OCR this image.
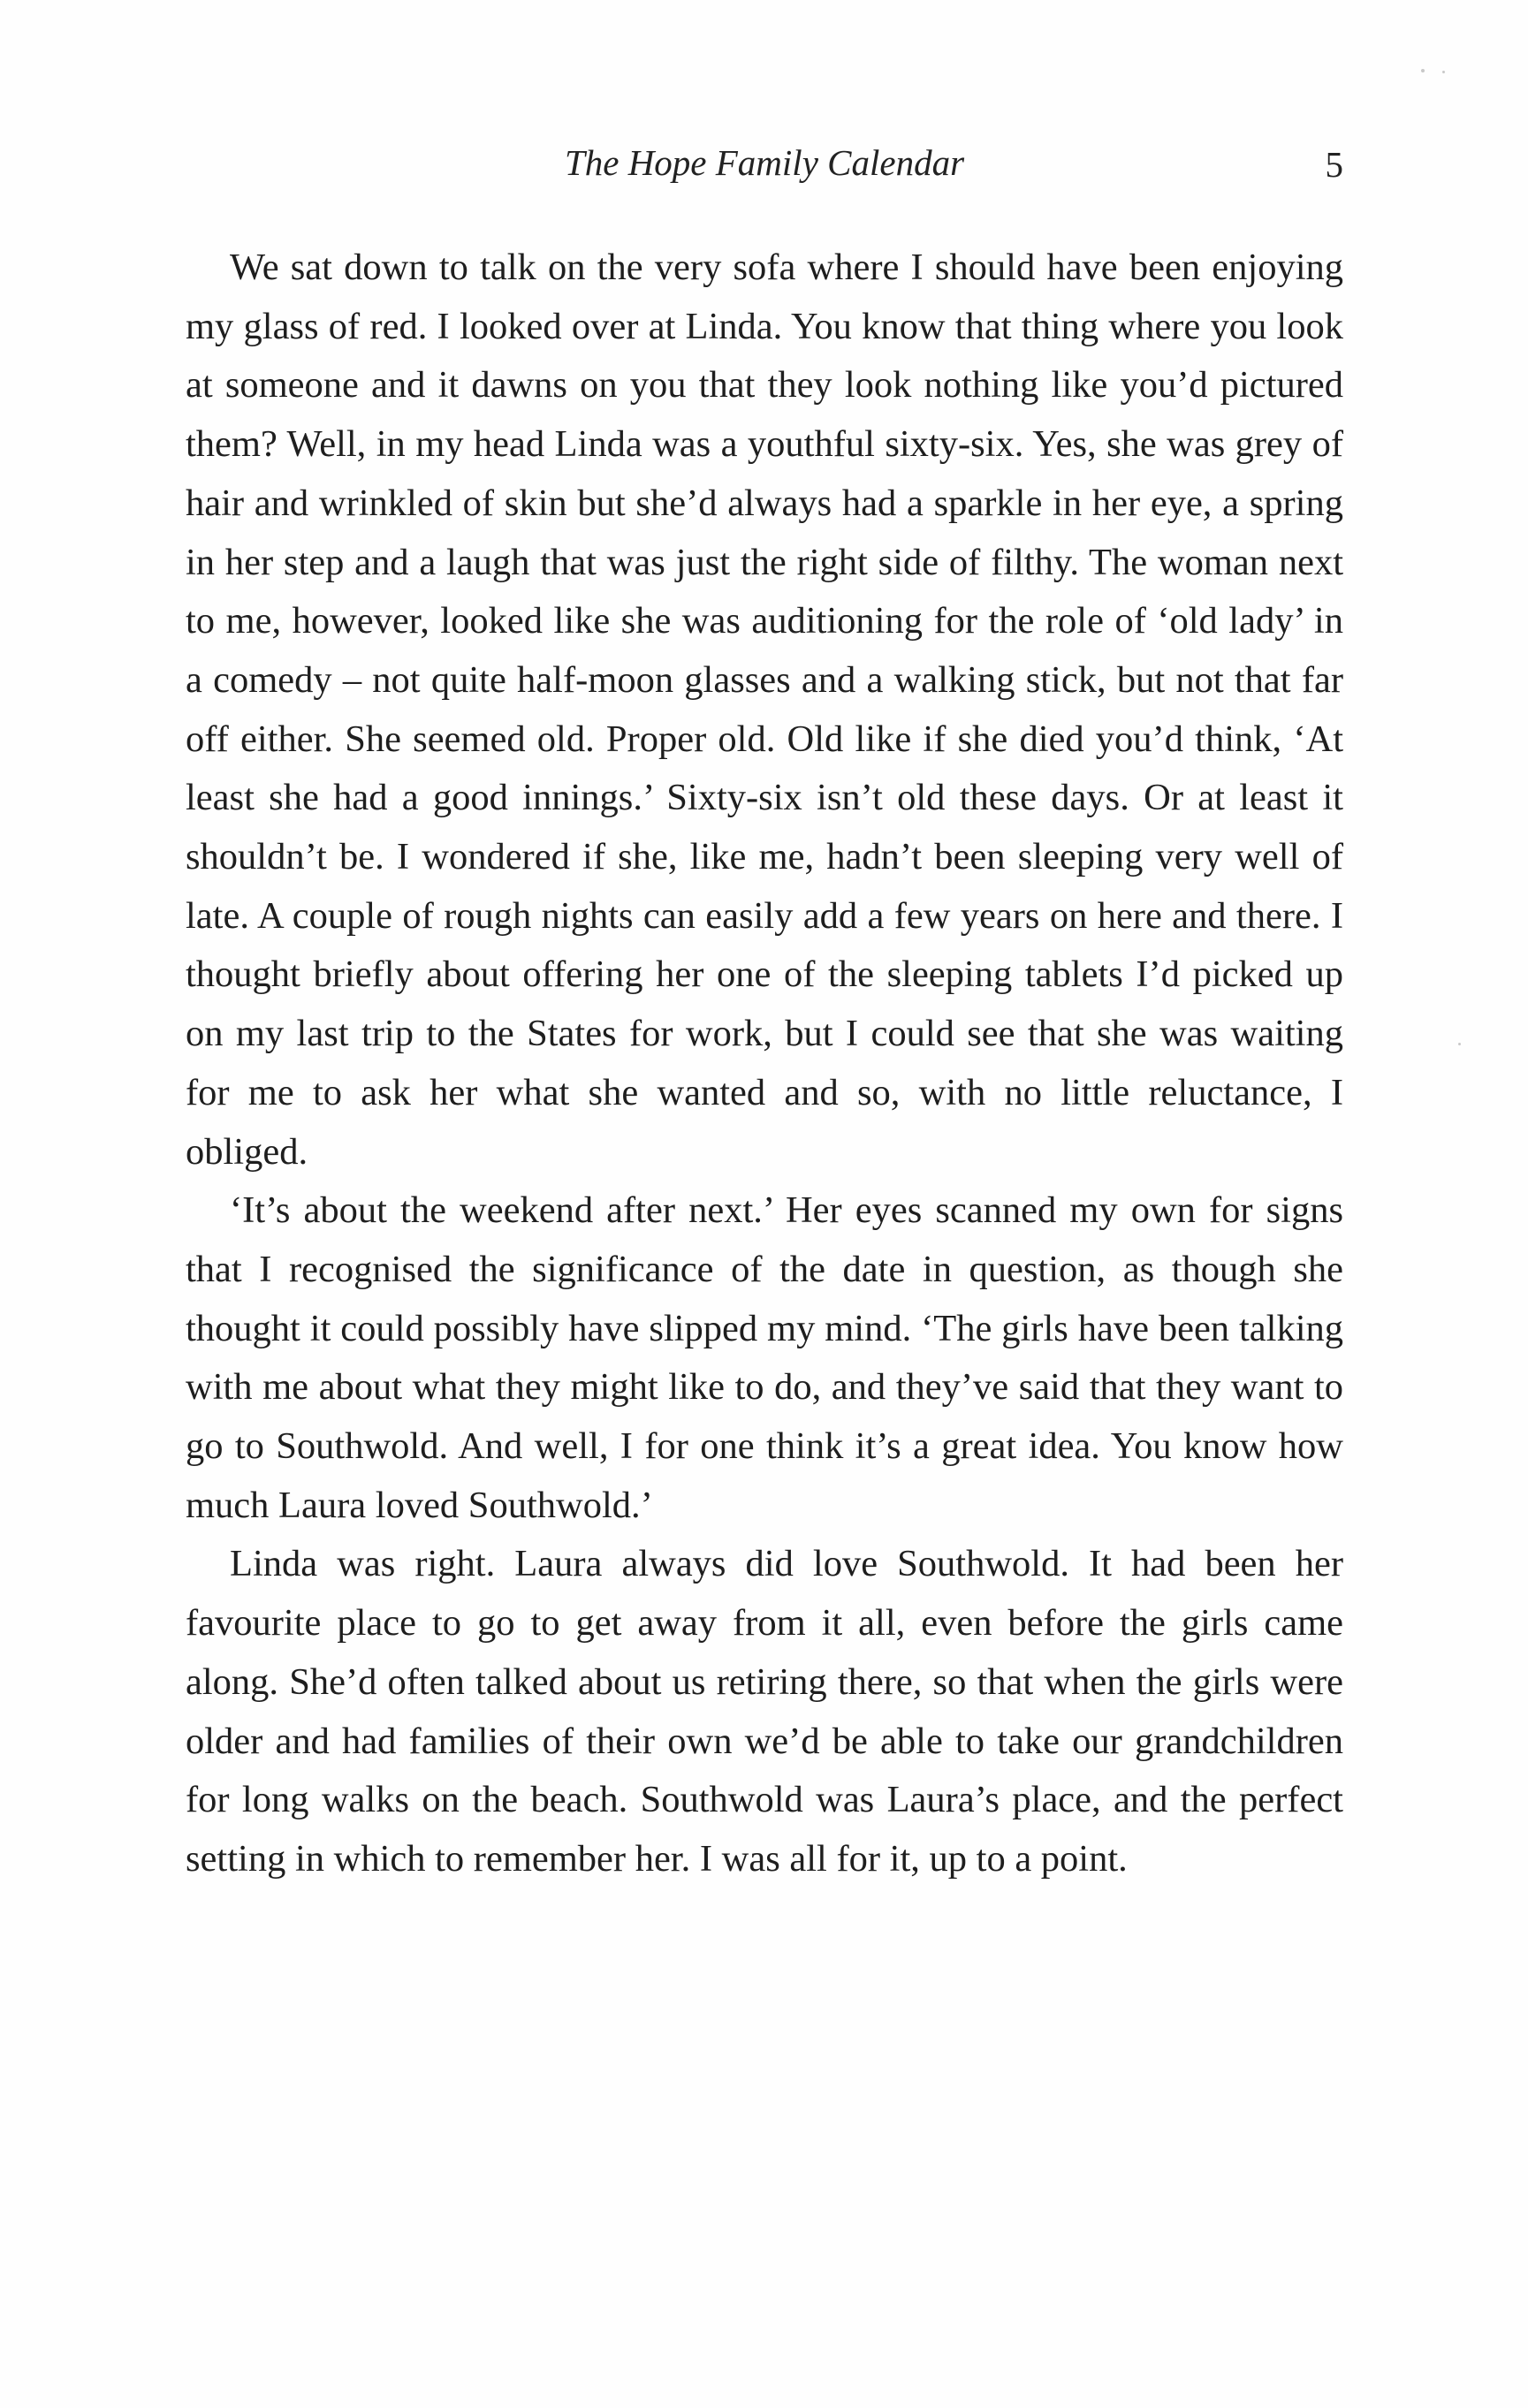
The Hope Family Calendar	5

We sat down to talk on the very sofa where I should have been enjoying my glass of red. I looked over at Linda. You know that thing where you look at someone and it dawns on you that they look nothing like you’d pictured them? Well, in my head Linda was a youthful sixty-six. Yes, she was grey of hair and wrinkled of skin but she’d always had a sparkle in her eye, a spring in her step and a laugh that was just the right side of filthy. The woman next to me, however, looked like she was auditioning for the role of ‘old lady’ in a comedy – not quite half-moon glasses and a walking stick, but not that far off either. She seemed old. Proper old. Old like if she died you’d think, ‘At least she had a good innings.’ Sixty-six isn’t old these days. Or at least it shouldn’t be. I wondered if she, like me, hadn’t been sleeping very well of late. A couple of rough nights can easily add a few years on here and there. I thought briefly about offering her one of the sleeping tablets I’d picked up on my last trip to the States for work, but I could see that she was waiting for me to ask her what she wanted and so, with no little reluctance, I obliged.

‘It’s about the weekend after next.’ Her eyes scanned my own for signs that I recognised the significance of the date in question, as though she thought it could possibly have slipped my mind. ‘The girls have been talking with me about what they might like to do, and they’ve said that they want to go to Southwold. And well, I for one think it’s a great idea. You know how much Laura loved Southwold.’

Linda was right. Laura always did love Southwold. It had been her favourite place to go to get away from it all, even before the girls came along. She’d often talked about us retiring there, so that when the girls were older and had families of their own we’d be able to take our grandchildren for long walks on the beach. Southwold was Laura’s place, and the perfect setting in which to remember her. I was all for it, up to a point.
